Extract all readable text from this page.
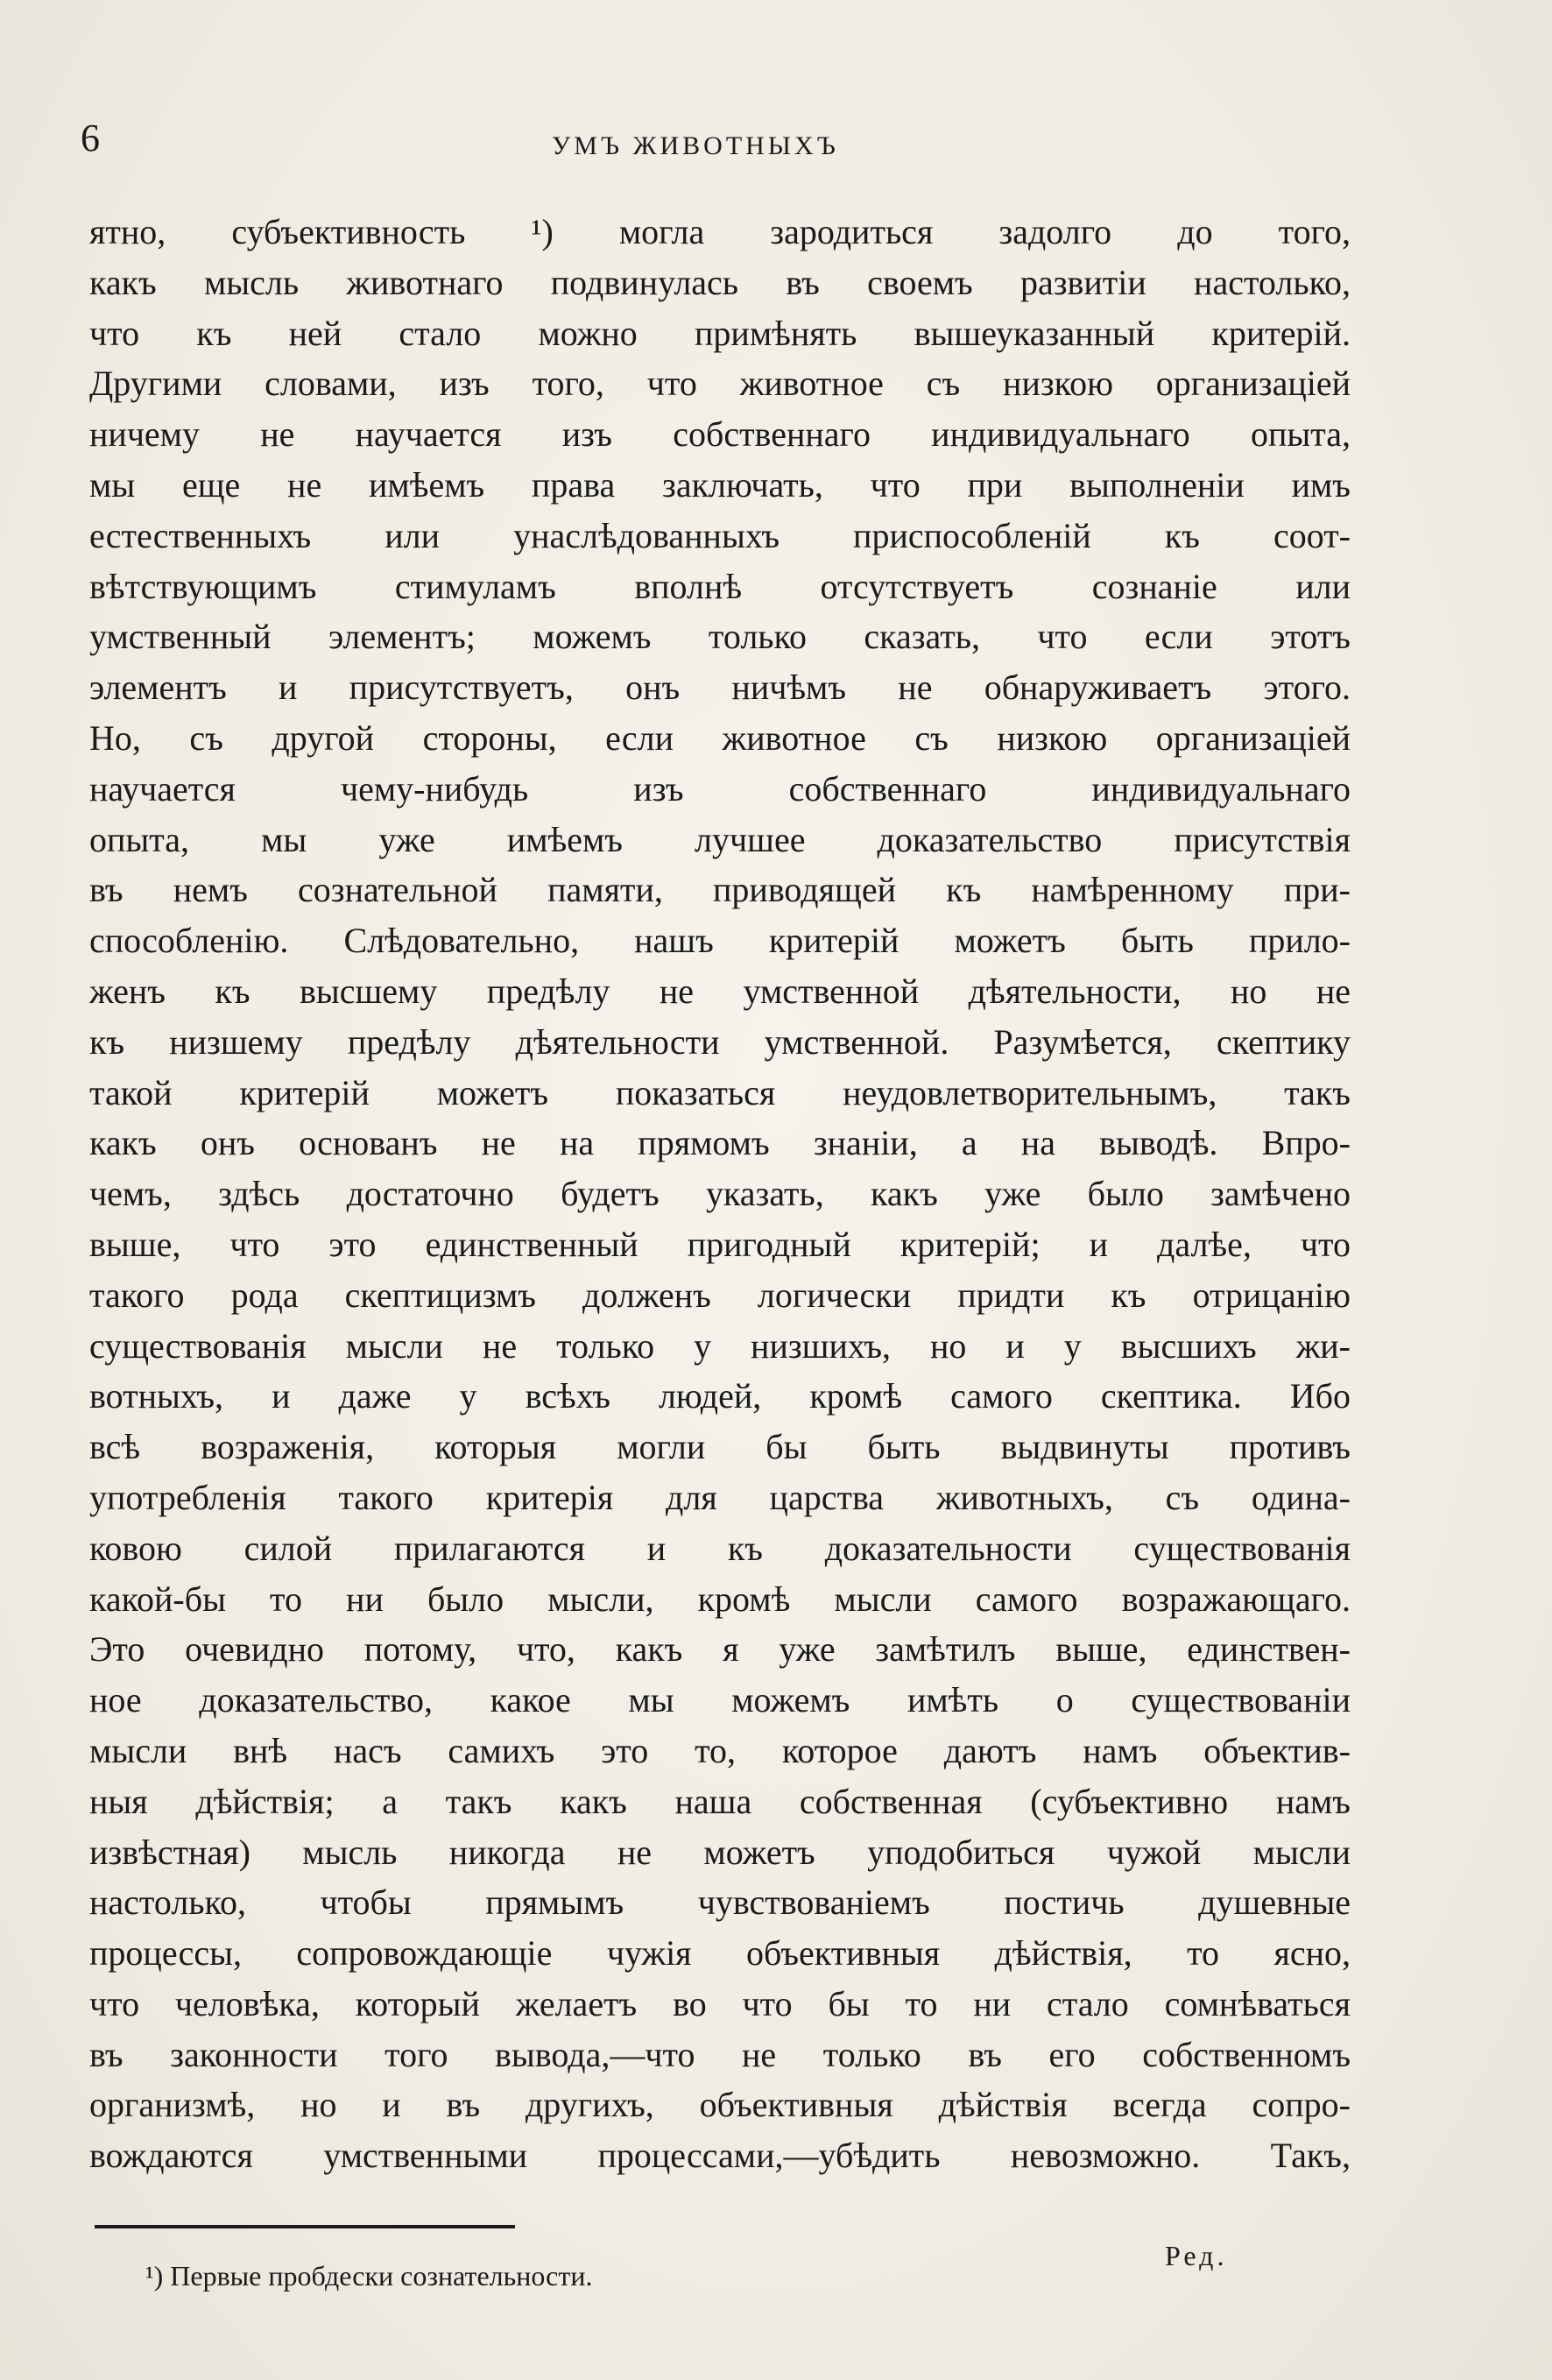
6	УМЪ ЖИВОТНЫХЪ
ятно, субъективность ¹) могла зародиться задолго до того,
какъ мысль животнаго подвинулась въ своемъ развитіи настолько,
что къ ней стало можно примѣнять вышеуказанный критерій.
Другими словами, изъ того, что животное съ низкою организаціей
ничему не научается изъ собственнаго индивидуальнаго опыта,
мы еще не имѣемъ права заключать, что при выполненіи имъ
естественныхъ или унаслѣдованныхъ приспособленій къ соот-
вѣтствующимъ стимуламъ вполнѣ отсутствуетъ сознаніе или
умственный элементъ; можемъ только сказать, что если этотъ
элементъ и присутствуетъ, онъ ничѣмъ не обнаруживаетъ этого.
Но, съ другой стороны, если животное съ низкою организаціей
научается чему-нибудь изъ собственнаго индивидуальнаго
опыта, мы уже имѣемъ лучшее доказательство присутствія
въ немъ сознательной памяти, приводящей къ намѣренному при-
способленію. Слѣдовательно, нашъ критерій можетъ быть прило-
женъ къ высшему предѣлу не умственной дѣятельности, но не
къ низшему предѣлу дѣятельности умственной. Разумѣется, скептику
такой критерій можетъ показаться неудовлетворительнымъ, такъ
какъ онъ основанъ не на прямомъ знаніи, а на выводѣ. Впро-
чемъ, здѣсь достаточно будетъ указать, какъ уже было замѣчено
выше, что это единственный пригодный критерій; и далѣе, что
такого рода скептицизмъ долженъ логически придти къ отрицанію
существованія мысли не только у низшихъ, но и у высшихъ жи-
вотныхъ, и даже у всѣхъ людей, кромѣ самого скептика. Ибо
всѣ возраженія, которыя могли бы быть выдвинуты противъ
употребленія такого критерія для царства животныхъ, съ одина-
ковою силой прилагаются и къ доказательности существованія
какой-бы то ни было мысли, кромѣ мысли самого возражающаго.
Это очевидно потому, что, какъ я уже замѣтилъ выше, единствен-
ное доказательство, какое мы можемъ имѣть о существованіи
мысли внѣ насъ самихъ это то, которое даютъ намъ объектив-
ныя дѣйствія; а такъ какъ наша собственная (субъективно намъ
извѣстная) мысль никогда не можетъ уподобиться чужой мысли
настолько, чтобы прямымъ чувствованіемъ постичь душевные
процессы, сопровождающіе чужія объективныя дѣйствія, то ясно,
что человѣка, который желаетъ во что бы то ни стало сомнѣваться
въ законности того вывода,—что не только въ его собственномъ
организмѣ, но и въ другихъ, объективныя дѣйствія всегда сопро-
вождаются умственными процессами,—убѣдить невозможно. Такъ,
Ред.
¹) Первые пробдески сознательности.
